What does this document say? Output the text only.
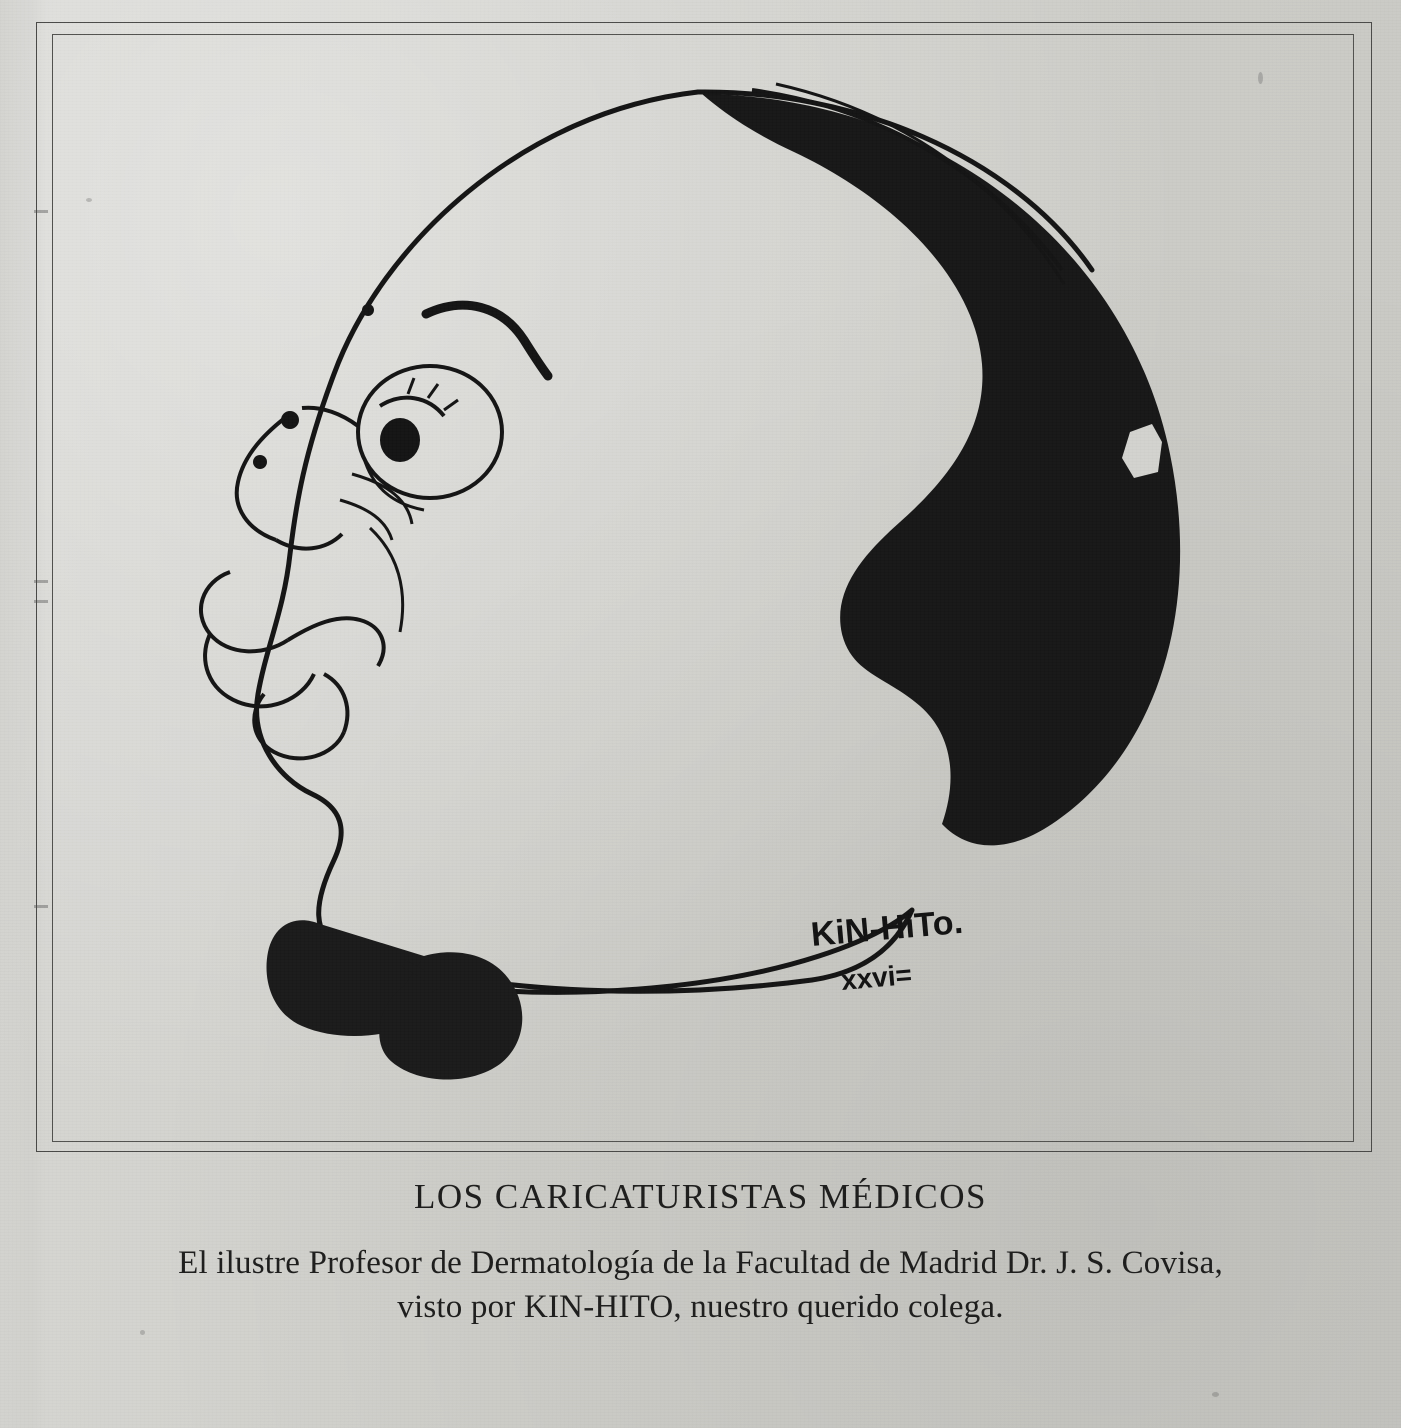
KiN-HiTo.
xxvi=
LOS CARICATURISTAS MÉDICOS
El ilustre Profesor de Dermatología de la Facultad de Madrid Dr. J. S. Covisa,
visto por KIN-HITO, nuestro querido colega.
